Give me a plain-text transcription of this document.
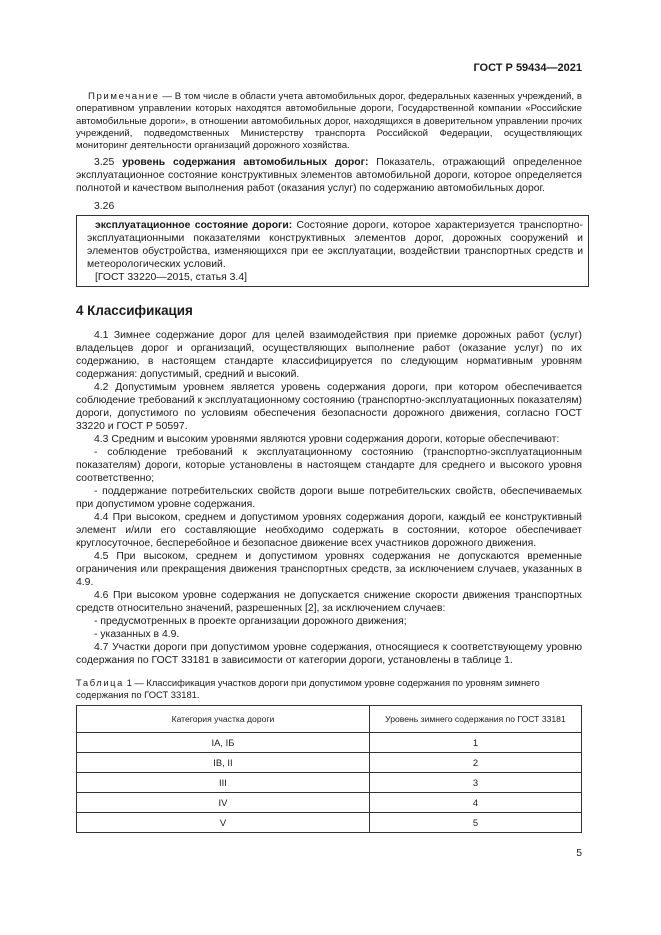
ГОСТ Р 59434—2021
Примечание — В том числе в области учета автомобильных дорог, федеральных казенных учреждений, в оперативном управлении которых находятся автомобильные дороги, Государственной компании «Российские автомобильные дороги», в отношении автомобильных дорог, находящихся в доверительном управлении прочих учреждений, подведомственных Министерству транспорта Российской Федерации, осуществляющих мониторинг деятельности организаций дорожного хозяйства.

3.25 уровень содержания автомобильных дорог: Показатель, отражающий определенное эксплуатационное состояние конструктивных элементов автомобильной дороги, которое определяется полнотой и качеством выполнения работ (оказания услуг) по содержанию автомобильных дорог.

3.26

эксплуатационное состояние дороги: Состояние дороги, которое характеризуется транспортно-эксплуатационными показателями конструктивных элементов дорог, дорожных сооружений и элементов обустройства, изменяющихся при ее эксплуатации, воздействии транспортных средств и метеорологических условий.

[ГОСТ 33220—2015, статья 3.4]

4 Классификация

4.1 Зимнее содержание дорог для целей взаимодействия при приемке дорожных работ (услуг) владельцев дорог и организаций, осуществляющих выполнение работ (оказание услуг) по их содержанию, в настоящем стандарте классифицируется по следующим нормативным уровням содержания: допустимый, средний и высокий.

4.2 Допустимым уровнем является уровень содержания дороги, при котором обеспечивается соблюдение требований к эксплуатационному состоянию (транспортно-эксплуатационных показателям) дороги, допустимого по условиям обеспечения безопасности дорожного движения, согласно ГОСТ 33220 и ГОСТ Р 50597.

4.3 Средним и высоким уровнями являются уровни содержания дороги, которые обеспечивают:

- соблюдение требований к эксплуатационному состоянию (транспортно-эксплуатационным показателям) дороги, которые установлены в настоящем стандарте для среднего и высокого уровня соответственно;

- поддержание потребительских свойств дороги выше потребительских свойств, обеспечиваемых при допустимом уровне содержания.

4.4 При высоком, среднем и допустимом уровнях содержания дороги, каждый ее конструктивный элемент и/или его составляющие необходимо содержать в состоянии, которое обеспечивает круглосуточное, бесперебойное и безопасное движение всех участников дорожного движения.

4.5 При высоком, среднем и допустимом уровнях содержания не допускаются временные ограничения или прекращения движения транспортных средств, за исключением случаев, указанных в 4.9.

4.6 При высоком уровне содержания не допускается снижение скорости движения транспортных средств относительно значений, разрешенных [2], за исключением случаев:

- предусмотренных в проекте организации дорожного движения;

- указанных в 4.9.

4.7 Участки дороги при допустимом уровне содержания, относящиеся к соответствующему уровню содержания по ГОСТ 33181 в зависимости от категории дороги, установлены в таблице 1.

Таблица 1 — Классификация участков дороги при допустимом уровне содержания по уровням зимнего содержания по ГОСТ 33181.
Категория участка дороги	Уровень зимнего содержания по ГОСТ 33181
IА, IБ	1
IВ, II	2
III	3
IV	4
V	5
5
